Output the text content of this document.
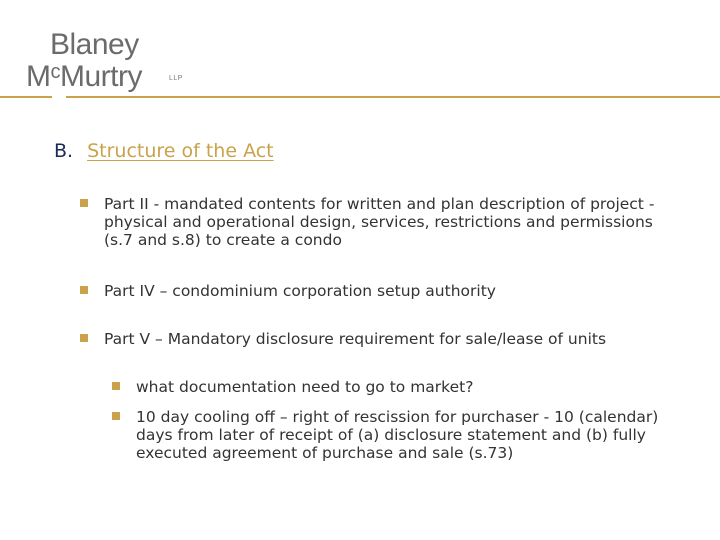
Blaney
$M^cMurtry$	LLP
B. Structure of the Act
Part II - mandated contents for written and plan description of project - physical and operational design, services, restrictions and permissions (s.7 and s.8) to create a condo
Part IV – condominium corporation setup authority
Part V – Mandatory disclosure requirement for sale/lease of units
what documentation need to go to market?
10 day cooling off – right of rescission for purchaser - 10 (calendar) days from later of receipt of (a) disclosure statement and (b) fully executed agreement of purchase and sale (s.73)
